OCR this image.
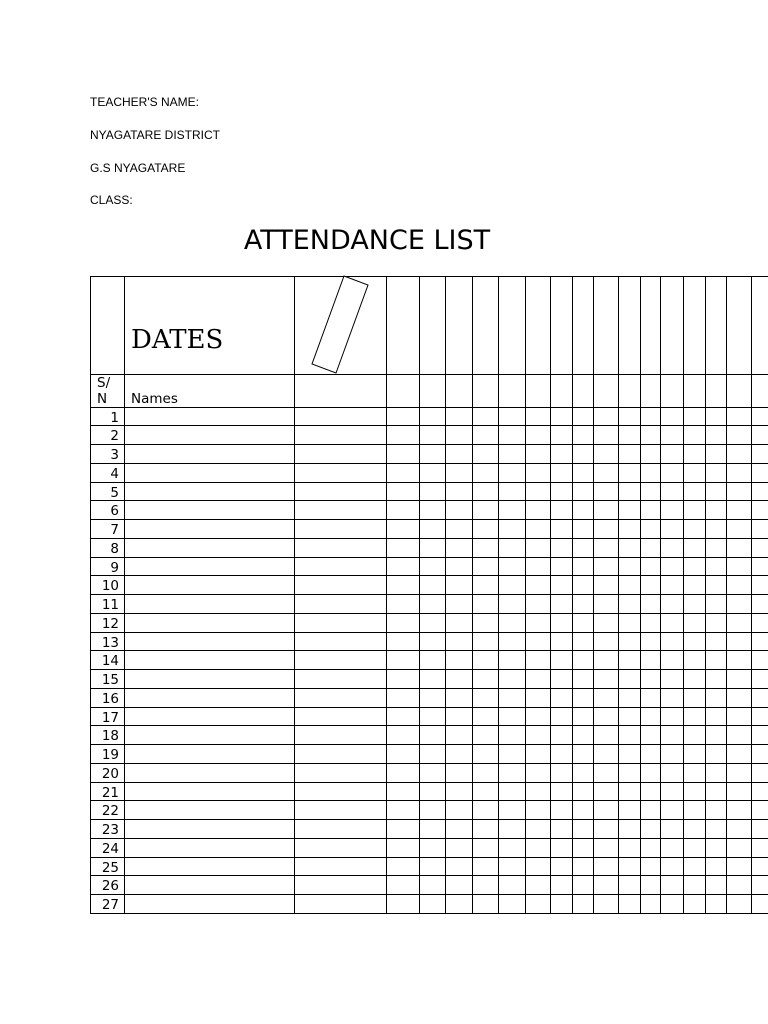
TEACHER'S NAME:
NYAGATARE DISTRICT
G.S NYAGATARE
CLASS:
ATTENDANCE LIST
DATES
S/
N Names
1
2
3
4
5
6
7
8
9
10
11
12
13
14
15
16
17
18
19
20
21
22
23
24
25
26
27
